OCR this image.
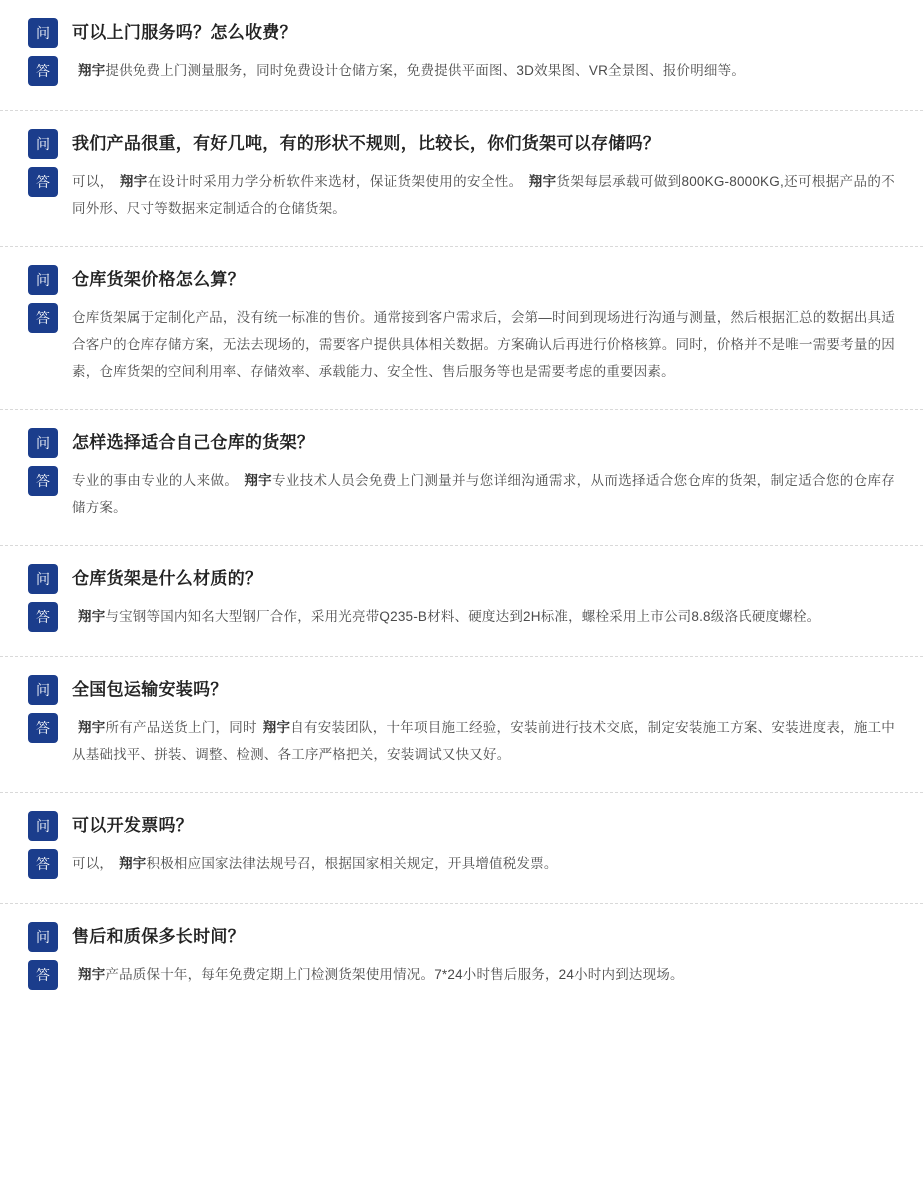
问	可以上门服务吗？怎么收费？
答	翔宇提供免费上门测量服务，同时免费设计仓储方案，免费提供平面图、3D效果图、VR全景图、报价明细等。
问	我们产品很重，有好几吨，有的形状不规则，比较长，你们货架可以存储吗？
答	可以， 翔宇在设计时采用力学分析软件来选材，保证货架使用的安全性。 翔宇货架每层承载可做到800KG-8000KG,还可根据产品的不同外形、尺寸等数据来定制适合的仓储货架。
问	仓库货架价格怎么算？
答	仓库货架属于定制化产品，没有统一标准的售价。通常接到客户需求后，会第—时间到现场进行沟通与测量，然后根据汇总的数据出具适合客户的仓库存储方案，无法去现场的，需要客户提供具体相关数据。方案确认后再进行价格核算。同时，价格并不是唯一需要考量的因素，仓库货架的空间利用率、存储效率、承载能力、安全性、售后服务等也是需要考虑的重要因素。
问	怎样选择适合自己仓库的货架？
答	专业的事由专业的人来做。 翔宇专业技术人员会免费上门测量并与您详细沟通需求，从而选择适合您仓库的货架，制定适合您的仓库存储方案。
问	仓库货架是什么材质的？
答	翔宇与宝钢等国内知名大型钢厂合作，采用光亮带Q235-B材料、硬度达到2H标准，螺栓采用上市公司8.8级洛氏硬度螺栓。
问	全国包运输安装吗？
答	翔宇所有产品送货上门，同时 翔宇自有安装团队，十年项目施工经验，安装前进行技术交底，制定安装施工方案、安装进度表，施工中从基础找平、拼装、调整、检测、各工序严格把关，安装调试又快又好。
问	可以开发票吗？
答	可以， 翔宇积极相应国家法律法规号召，根据国家相关规定，开具增值税发票。
问	售后和质保多长时间？
答	翔宇产品质保十年，每年免费定期上门检测货架使用情况。7*24小时售后服务，24小时内到达现场。
